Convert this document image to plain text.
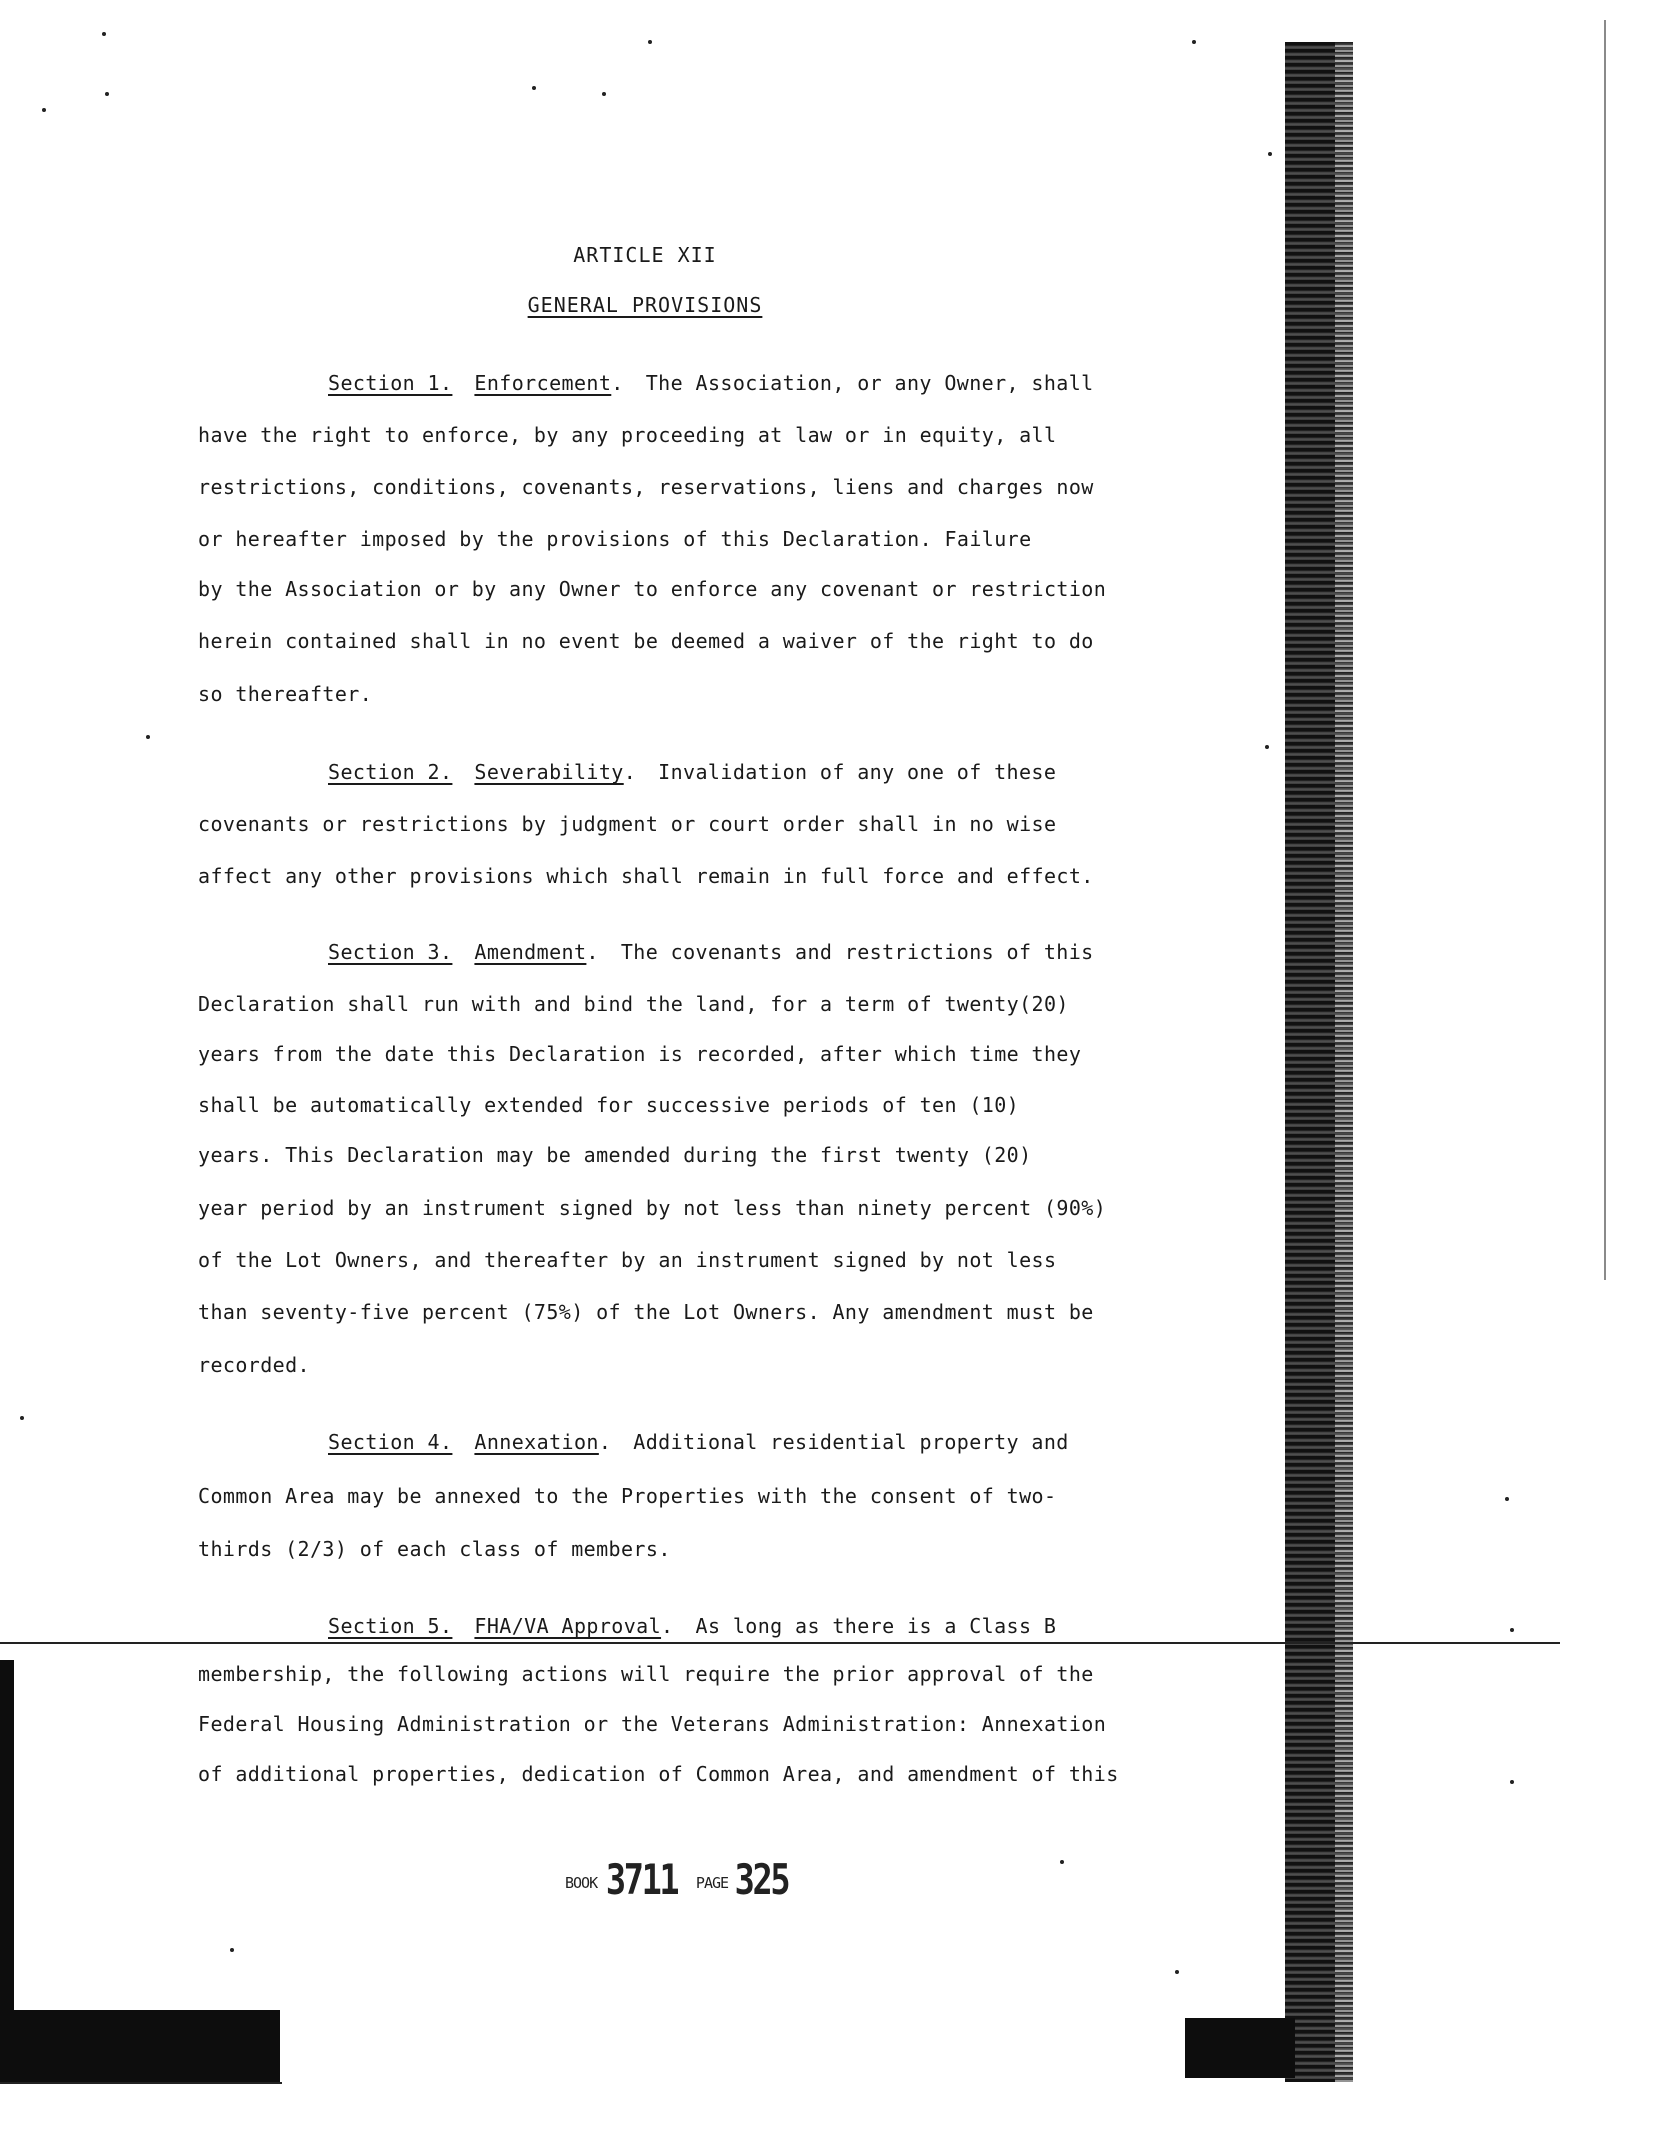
ARTICLE XII
GENERAL PROVISIONS
Section 1. Enforcement. The Association, or any Owner, shall
have the right to enforce, by any proceeding at law or in equity, all
restrictions, conditions, covenants, reservations, liens and charges now
or hereafter imposed by the provisions of this Declaration. Failure
by the Association or by any Owner to enforce any covenant or restriction
herein contained shall in no event be deemed a waiver of the right to do
so thereafter.
Section 2. Severability. Invalidation of any one of these
covenants or restrictions by judgment or court order shall in no wise
affect any other provisions which shall remain in full force and effect.
Section 3. Amendment. The covenants and restrictions of this
Declaration shall run with and bind the land, for a term of twenty(20)
years from the date this Declaration is recorded, after which time they
shall be automatically extended for successive periods of ten (10)
years. This Declaration may be amended during the first twenty (20)
year period by an instrument signed by not less than ninety percent (90%)
of the Lot Owners, and thereafter by an instrument signed by not less
than seventy-five percent (75%) of the Lot Owners. Any amendment must be
recorded.
Section 4. Annexation. Additional residential property and
Common Area may be annexed to the Properties with the consent of two-
thirds (2/3) of each class of members.
Section 5. FHA/VA Approval. As long as there is a Class B
membership, the following actions will require the prior approval of the
Federal Housing Administration or the Veterans Administration: Annexation
of additional properties, dedication of Common Area, and amendment of this
BOOK 3711 PAGE 325
